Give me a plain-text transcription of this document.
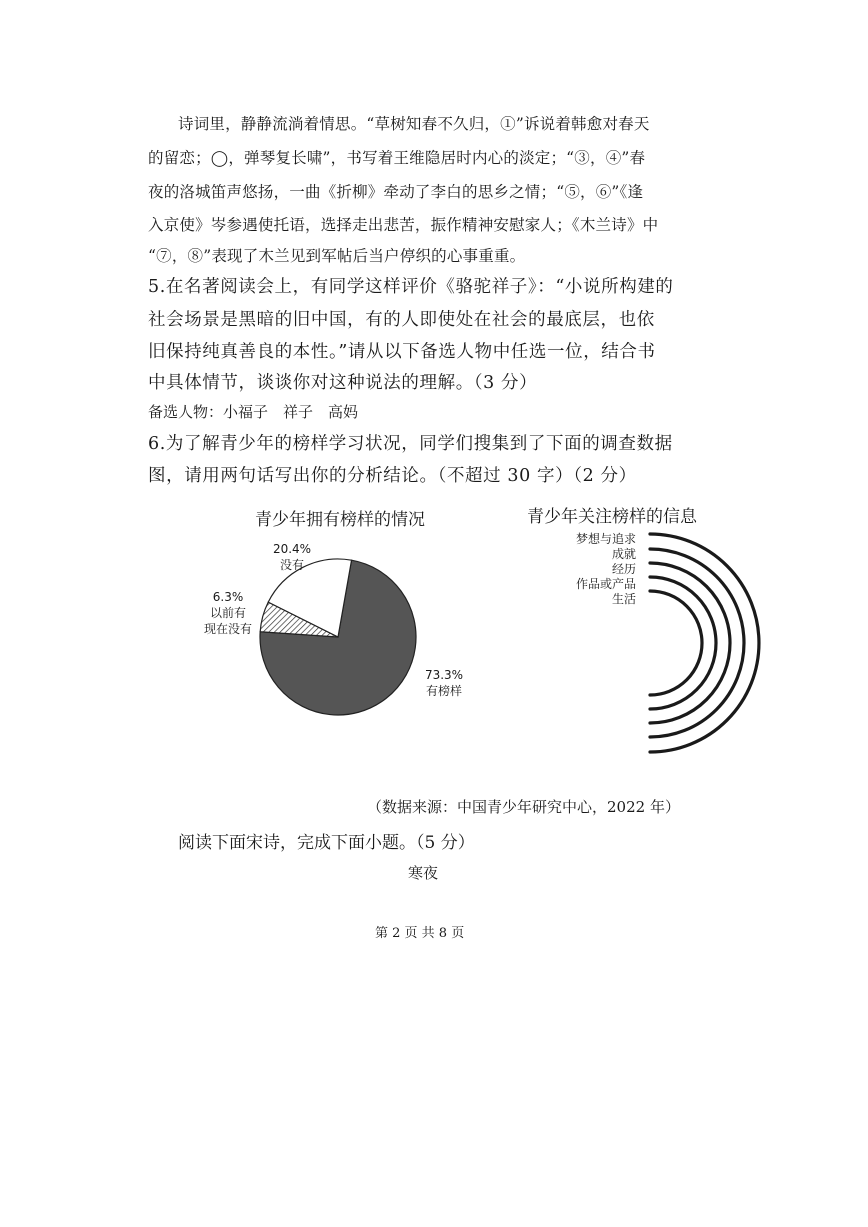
诗词里，静静流淌着情思。“草树知春不久归，①”诉说着韩愈对春天
的留恋；◯，弹琴复长啸”，书写着王维隐居时内心的淡定；“③，④”春
夜的洛城笛声悠扬，一曲《折柳》牵动了李白的思乡之情；“⑤，⑥”《逢
入京使》岑参遇使托语，选择走出悲苦，振作精神安慰家人；《木兰诗》中
“⑦，⑧”表现了木兰见到军帖后当户停织的心事重重。
5.在名著阅读会上，有同学这样评价《骆驼祥子》：“小说所构建的
社会场景是黑暗的旧中国，有的人即使处在社会的最底层，也依
旧保持纯真善良的本性。”请从以下备选人物中任选一位，结合书
中具体情节，谈谈你对这种说法的理解。（3 分）
备选人物：小福子　祥子　高妈
6.为了解青少年的榜样学习状况，同学们搜集到了下面的调查数据
图，请用两句话写出你的分析结论。（不超过 30 字）（2 分）
青少年拥有榜样的情况
20.4%
没有
6.3%
以前有
现在没有
73.3%
有榜样
青少年关注榜样的信息
梦想与追求
成就
经历
作品或产品
生活
（数据来源：中国青少年研究中心，2022 年）
阅读下面宋诗，完成下面小题。（5 分）
寒夜
第 2 页 共 8 页
